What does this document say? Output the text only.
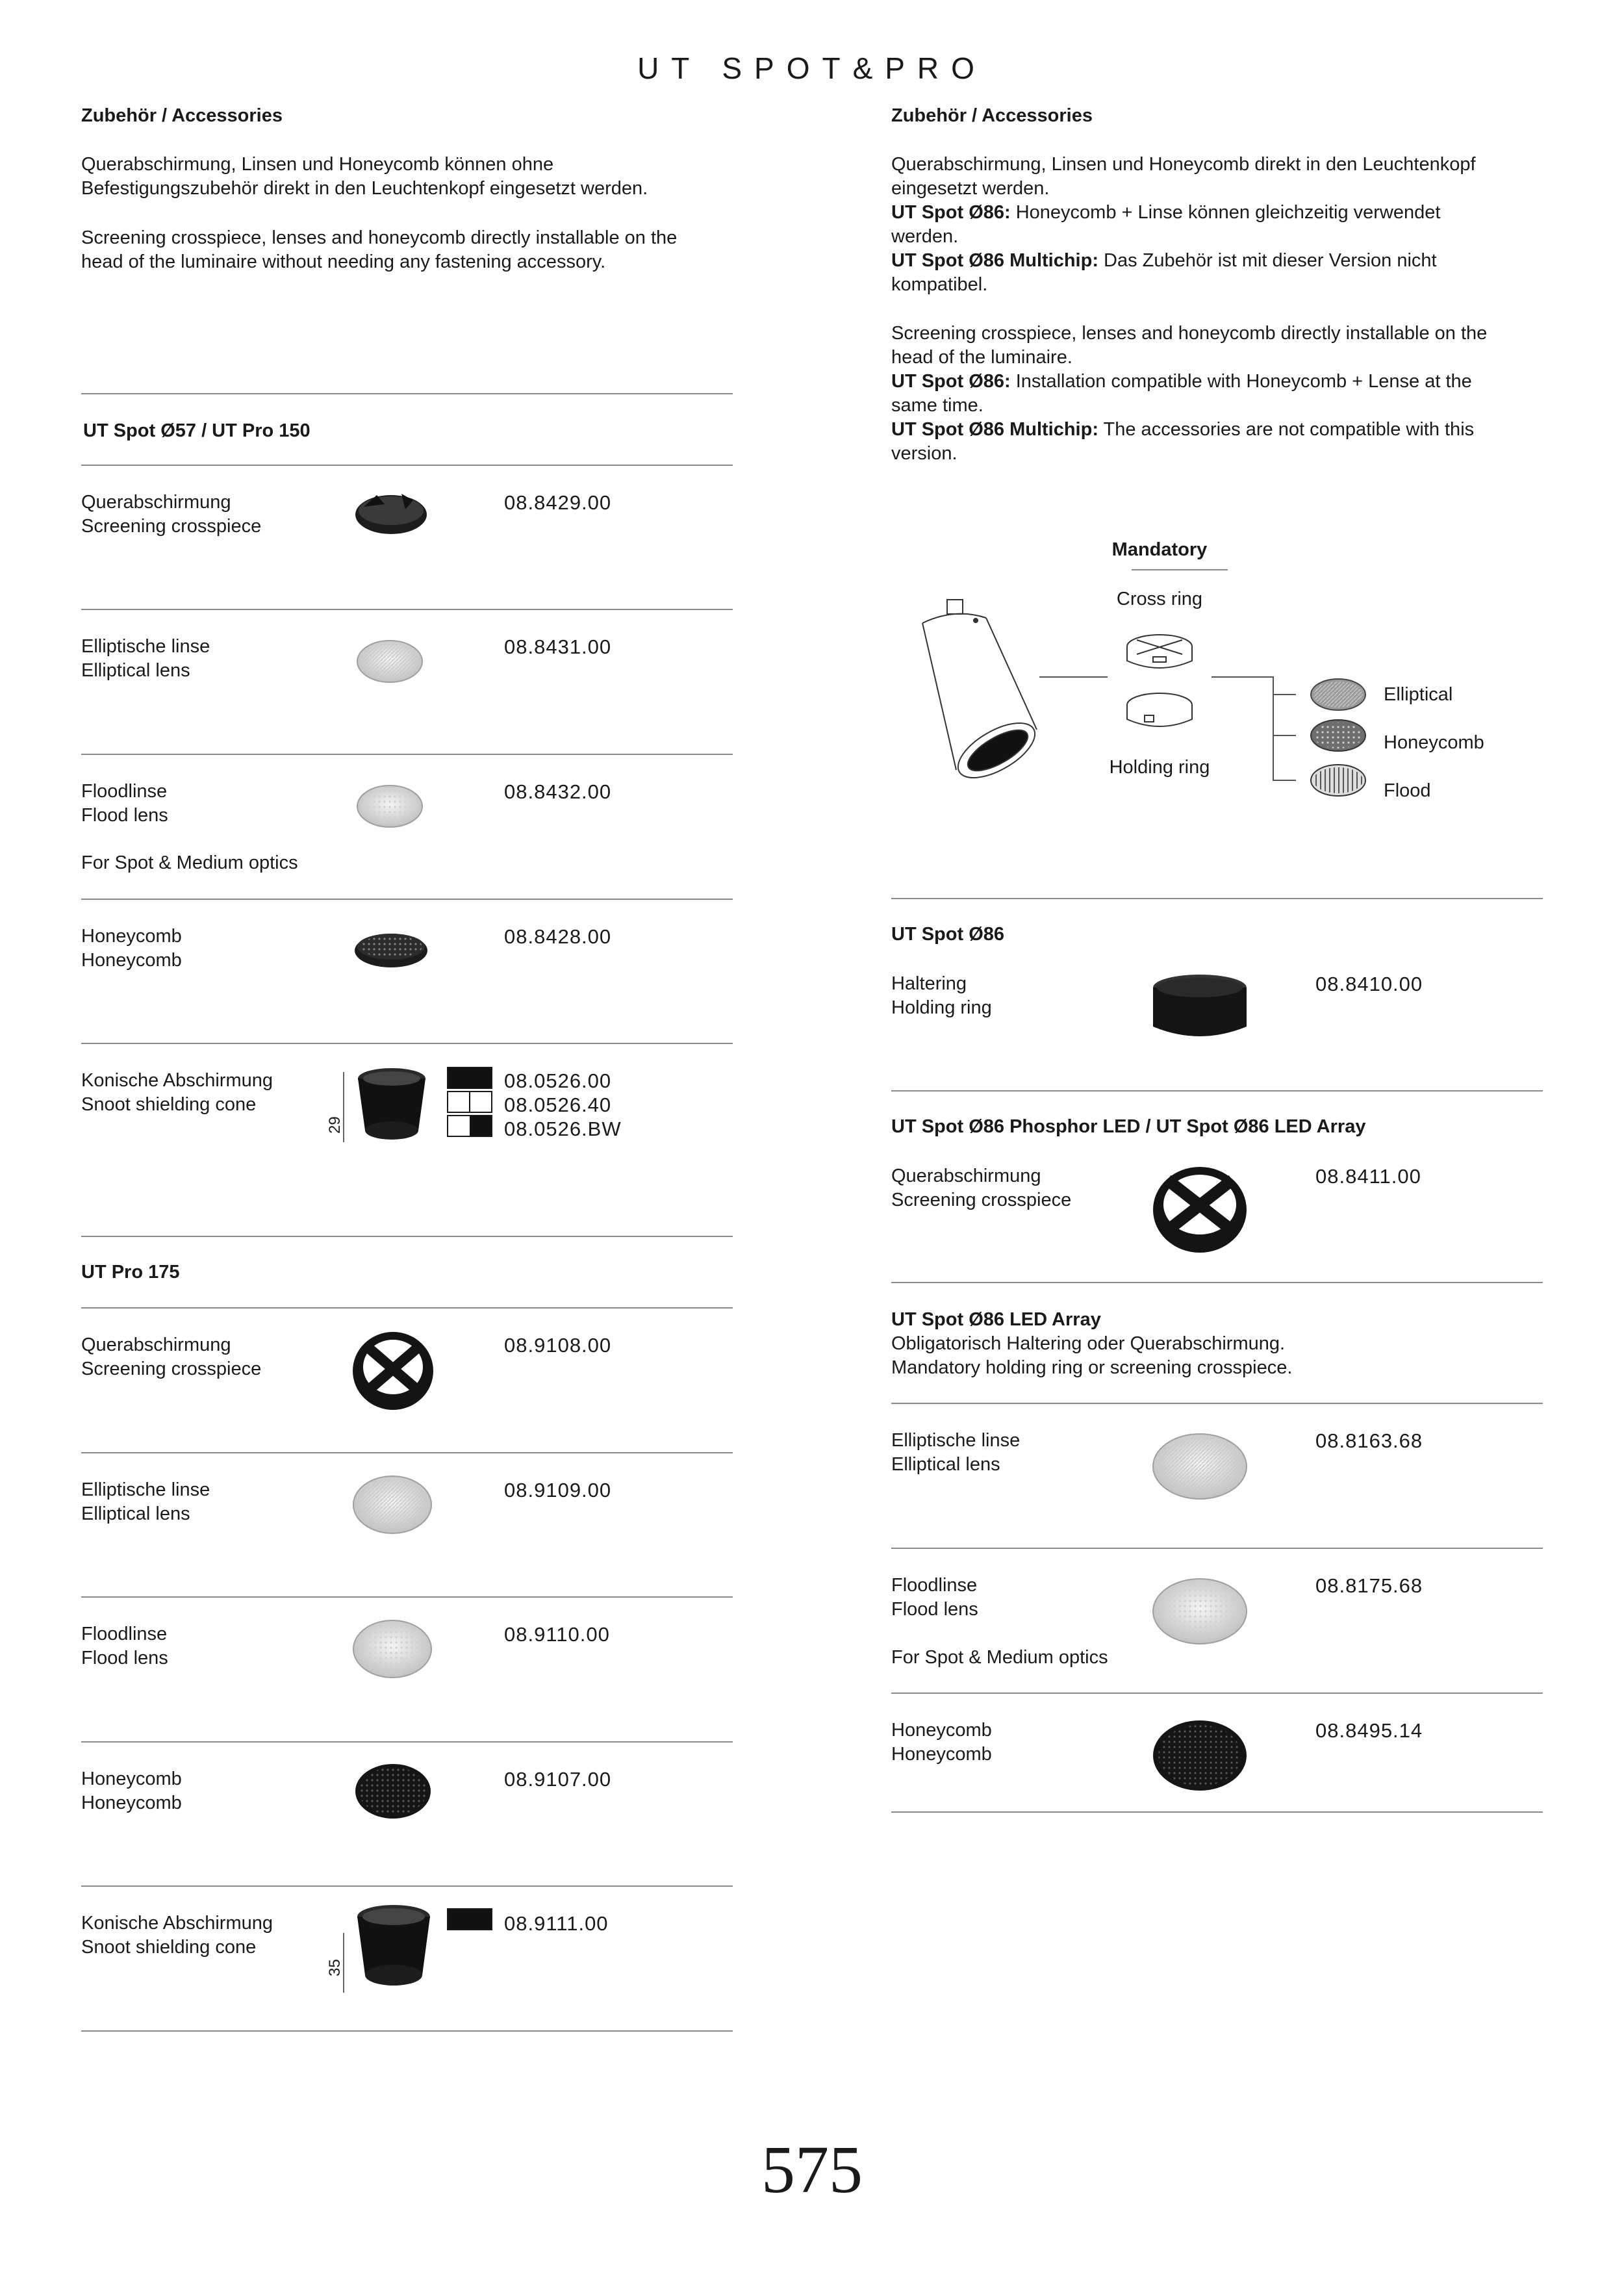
UT SPOT&PRO
Zubehör / Accessories
Querabschirmung, Linsen und Honeycomb können ohne
Befestigungszubehör direkt in den Leuchtenkopf eingesetzt werden.
Screening crosspiece, lenses and honeycomb directly installable on the
head of the luminaire without needing any fastening accessory.
UT Spot Ø57 / UT Pro 150
Querabschirmung
Screening crosspiece
08.8429.00
Elliptische linse
Elliptical lens
08.8431.00
Floodlinse
Flood lens
08.8432.00
For Spot & Medium optics
Honeycomb
Honeycomb
08.8428.00
Konische Abschirmung
Snoot shielding cone
29
08.0526.00
08.0526.40
08.0526.BW
UT Pro 175
Querabschirmung
Screening crosspiece
08.9108.00
Elliptische linse
Elliptical lens
08.9109.00
Floodlinse
Flood lens
08.9110.00
Honeycomb
Honeycomb
08.9107.00
Konische Abschirmung
Snoot shielding cone
35
08.9111.00
Zubehör / Accessories
Querabschirmung, Linsen und Honeycomb direkt in den Leuchtenkopf
eingesetzt werden.
UT Spot Ø86: Honeycomb + Linse können gleichzeitig verwendet
werden.
UT Spot Ø86 Multichip: Das Zubehör ist mit dieser Version nicht
kompatibel.
Screening crosspiece, lenses and honeycomb directly installable on the
head of the luminaire.
UT Spot Ø86: Installation compatible with Honeycomb + Lense at the
same time.
UT Spot Ø86 Multichip: The accessories are not compatible with this
version.
Mandatory
Cross ring
Holding ring
Elliptical
Honeycomb
Flood
UT Spot Ø86
Haltering
Holding ring
08.8410.00
UT Spot Ø86 Phosphor LED / UT Spot Ø86 LED Array
Querabschirmung
Screening crosspiece
08.8411.00
UT Spot Ø86 LED Array
Obligatorisch Haltering oder Querabschirmung.
Mandatory holding ring or screening crosspiece.
Elliptische linse
Elliptical lens
08.8163.68
Floodlinse
Flood lens
08.8175.68
For Spot & Medium optics
Honeycomb
Honeycomb
08.8495.14
575
